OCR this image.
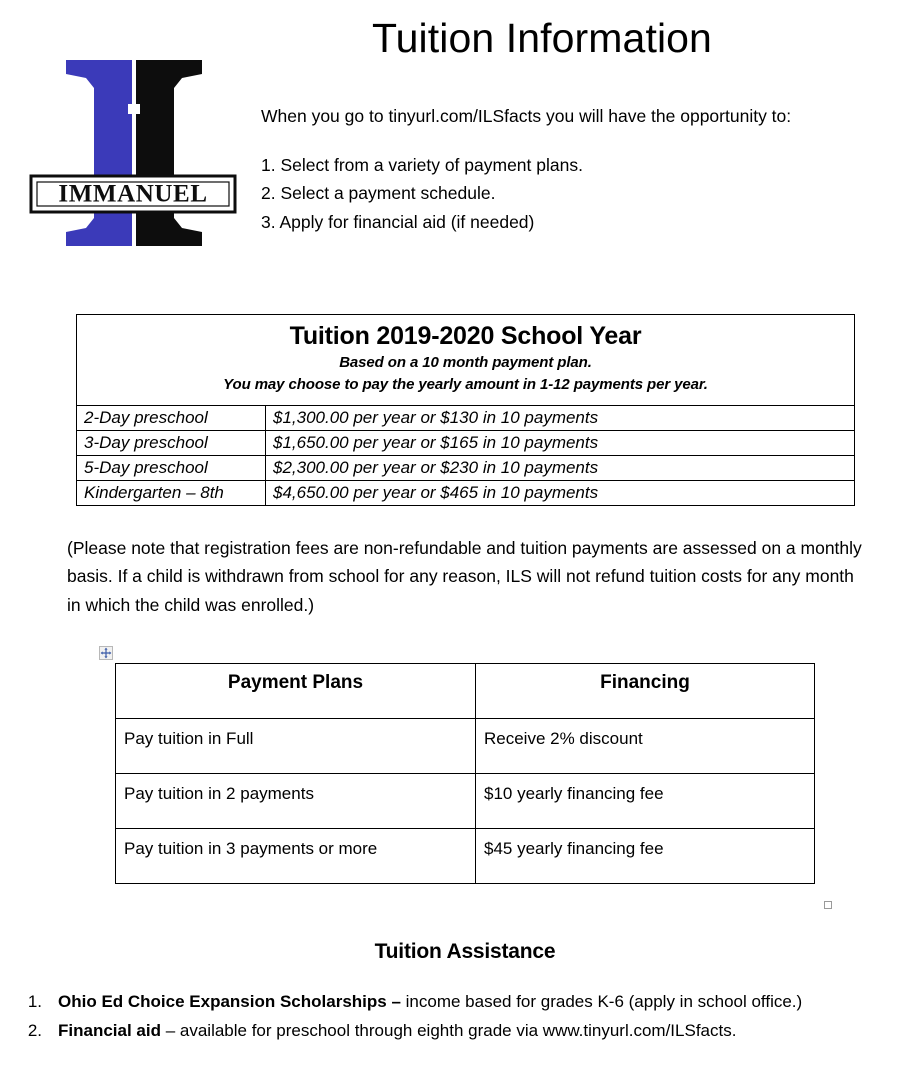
IMMANUEL
Tuition Information
When you go to tinyurl.com/ILSfacts you will have the opportunity to:
1. Select from a variety of payment plans.
2. Select a payment schedule.
3. Apply for financial aid (if needed)
Tuition 2019-2020 School Year
Based on a 10 month payment plan.
You may choose to pay the yearly amount in 1-12 payments per year.	

2-Day preschool	$1,300.00 per year or $130 in 10 payments
3-Day preschool	$1,650.00 per year or $165 in 10 payments
5-Day preschool	$2,300.00 per year or $230 in 10 payments
Kindergarten – 8th	$4,650.00 per year or $465 in 10 payments
(Please note that registration fees are non-refundable and tuition payments are assessed on a monthly basis. If a child is withdrawn from school for any reason, ILS will not refund tuition costs for any month in which the child was enrolled.)
Payment Plans	Financing
Pay tuition in Full	Receive 2% discount
Pay tuition in 2 payments	$10 yearly financing fee
Pay tuition in 3 payments or more	$45 yearly financing fee
Tuition Assistance
1. Ohio Ed Choice Expansion Scholarships – income based for grades K-6 (apply in school office.)
2. Financial aid – available for preschool through eighth grade via www.tinyurl.com/ILSfacts.
